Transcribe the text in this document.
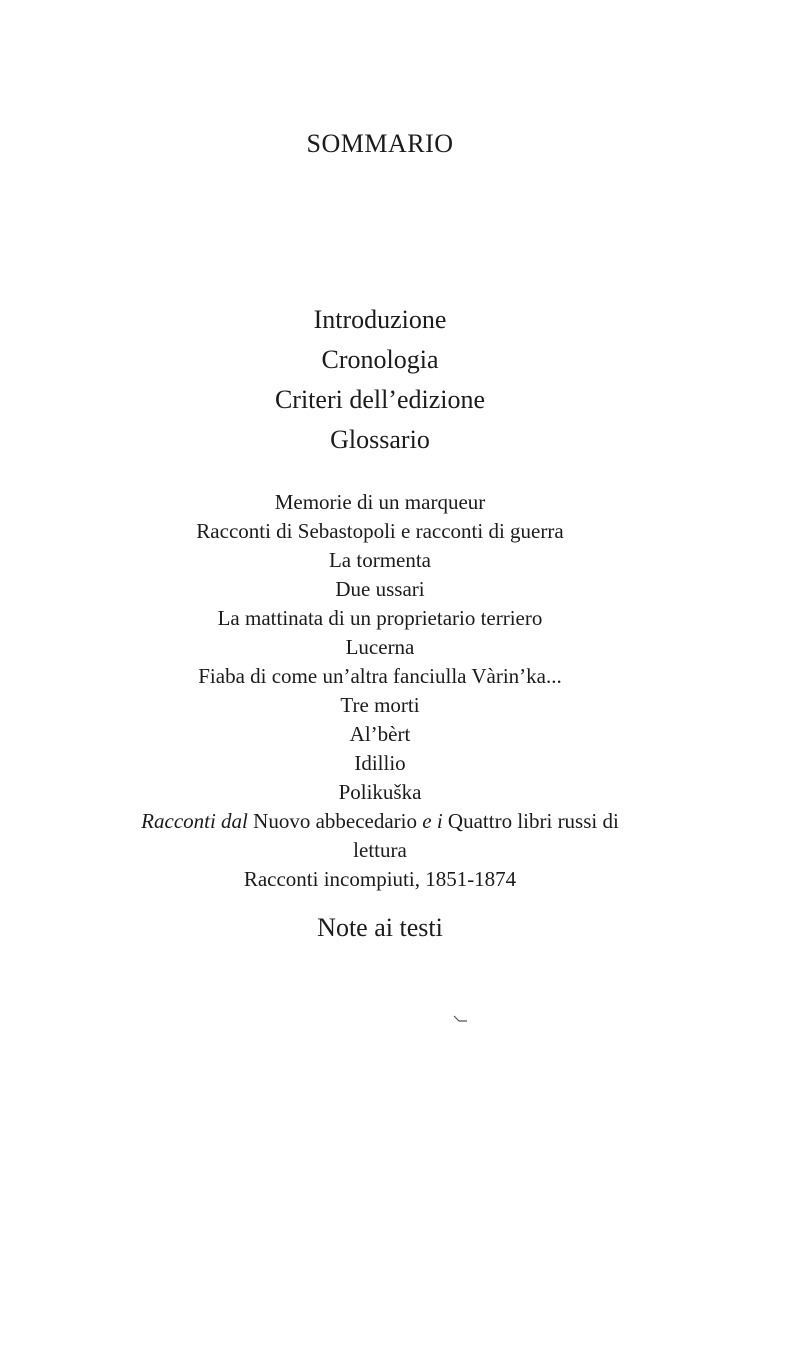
SOMMARIO
Introduzione
Cronologia
Criteri dell’edizione
Glossario
Memorie di un marqueur
Racconti di Sebastopoli e racconti di guerra
La tormenta
Due ussari
La mattinata di un proprietario terriero
Lucerna
Fiaba di come un’altra fanciulla Vàrin’ka...
Tre morti
Al’bèrt
Idillio
Polikuška
Racconti dal Nuovo abbecedario e i Quattro libri russi di
lettura
Racconti incompiuti, 1851-1874
Note ai testi
